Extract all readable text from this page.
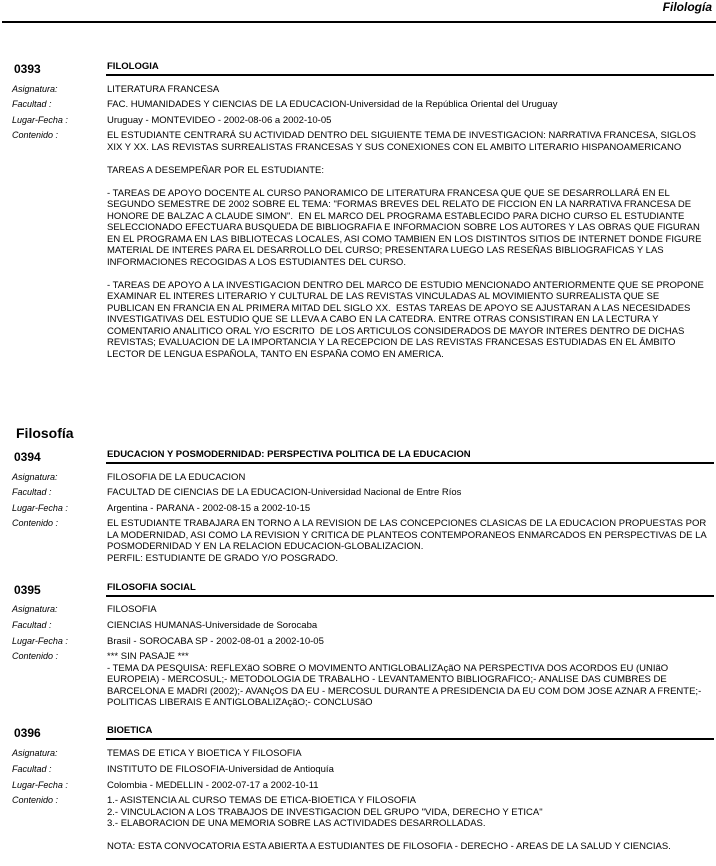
Filología
0393	FILOLOGIA
Asignatura:	LITERATURA FRANCESA
Facultad :	FAC. HUMANIDADES Y CIENCIAS DE LA EDUCACION-Universidad de la República Oriental del Uruguay
Lugar-Fecha :	Uruguay - MONTEVIDEO - 2002-08-06 a 2002-10-05
Contenido :	EL ESTUDIANTE CENTRARÁ SU ACTIVIDAD DENTRO DEL SIGUIENTE TEMA DE INVESTIGACION: NARRATIVA FRANCESA, SIGLOS XIX Y XX. LAS REVISTAS SURREALISTAS FRANCESAS Y SUS CONEXIONES CON EL AMBITO LITERARIO HISPANOAMERICANO

TAREAS A DESEMPEÑAR POR EL ESTUDIANTE:

- TAREAS DE APOYO DOCENTE AL CURSO PANORAMICO DE LITERATURA FRANCESA QUE QUE SE DESARROLLARÁ EN EL SEGUNDO SEMESTRE DE 2002 SOBRE EL TEMA: "FORMAS BREVES DEL RELATO DE FICCION EN LA NARRATIVA FRANCESA DE HONORE DE BALZAC A CLAUDE SIMON".  EN EL MARCO DEL PROGRAMA ESTABLECIDO PARA DICHO CURSO EL ESTUDIANTE SELECCIONADO EFECTUARA BUSQUEDA DE BIBLIOGRAFIA E INFORMACION SOBRE LOS AUTORES Y LAS OBRAS QUE FIGURAN EN EL PROGRAMA EN LAS BIBLIOTECAS LOCALES, ASI COMO TAMBIEN EN LOS DISTINTOS SITIOS DE INTERNET DONDE FIGURE MATERIAL DE INTERES PARA EL DESARROLLO DEL CURSO; PRESENTARA LUEGO LAS RESEÑAS BIBLIOGRAFICAS Y LAS INFORMACIONES RECOGIDAS A LOS ESTUDIANTES DEL CURSO.

- TAREAS DE APOYO A LA INVESTIGACION DENTRO DEL MARCO DE ESTUDIO MENCIONADO ANTERIORMENTE QUE SE PROPONE EXAMINAR EL INTERES LITERARIO Y CULTURAL DE LAS REVISTAS VINCULADAS AL MOVIMIENTO SURREALISTA QUE SE PUBLICAN EN FRANCIA EN AL PRIMERA MITAD DEL SIGLO XX.  ESTAS TAREAS DE APOYO SE AJUSTARAN A LAS NECESIDADES INVESTIGATIVAS DEL ESTUDIO QUE SE LLEVA A CABO EN LA CATEDRA. ENTRE OTRAS CONSISTIRAN EN LA LECTURA Y COMENTARIO ANALITICO ORAL Y/O ESCRITO  DE LOS ARTICULOS CONSIDERADOS DE MAYOR INTERES DENTRO DE DICHAS REVISTAS; EVALUACION DE LA IMPORTANCIA Y LA RECEPCION DE LAS REVISTAS FRANCESAS ESTUDIADAS EN EL ÁMBITO LECTOR DE LENGUA ESPAÑOLA, TANTO EN ESPAÑA COMO EN AMERICA.

Filosofía
0394	EDUCACION Y POSMODERNIDAD: PERSPECTIVA POLITICA DE LA EDUCACION
Asignatura:	FILOSOFIA DE LA EDUCACION
Facultad :	FACULTAD DE CIENCIAS DE LA EDUCACION-Universidad Nacional de Entre Ríos
Lugar-Fecha :	Argentina - PARANA - 2002-08-15 a 2002-10-15
Contenido :	EL ESTUDIANTE TRABAJARA EN TORNO A LA REVISION DE LAS CONCEPCIONES CLASICAS DE LA EDUCACION PROPUESTAS POR LA MODERNIDAD, ASI COMO LA REVISION Y CRITICA DE PLANTEOS CONTEMPORANEOS ENMARCADOS EN PERSPECTIVAS DE LA POSMODERNIDAD Y EN LA RELACION EDUCACION-GLOBALIZACION.
PERFIL: ESTUDIANTE DE GRADO Y/O POSGRADO.

0395	FILOSOFIA SOCIAL
Asignatura:	FILOSOFIA
Facultad :	CIENCIAS HUMANAS-Universidade de Sorocaba
Lugar-Fecha :	Brasil - SOROCABA SP - 2002-08-01 a 2002-10-05
Contenido :	*** SIN PASAJE ***
- TEMA DA PESQUISA: REFLEXãO SOBRE O MOVIMENTO ANTIGLOBALIZAçãO NA PERSPECTIVA DOS ACORDOS EU (UNIãO EUROPEIA) - MERCOSUL;- METODOLOGIA DE TRABALHO - LEVANTAMENTO BIBLIOGRAFICO;- ANALISE DAS CUMBRES DE BARCELONA E MADRI (2002);- AVANçOS DA EU - MERCOSUL DURANTE A PRESIDENCIA DA EU COM DOM JOSE AZNAR A FRENTE;- POLITICAS LIBERAIS E ANTIGLOBALIZAçãO;- CONCLUSãO

0396	BIOETICA
Asignatura:	TEMAS DE ETICA Y BIOETICA Y FILOSOFIA
Facultad :	INSTITUTO DE FILOSOFIA-Universidad de Antioquía
Lugar-Fecha :	Colombia - MEDELLIN - 2002-07-17 a 2002-10-11
Contenido :	1.- ASISTENCIA AL CURSO TEMAS DE ETICA-BIOETICA Y FILOSOFIA
2.- VINCULACION A LOS TRABAJOS DE INVESTIGACION DEL GRUPO "VIDA, DERECHO Y ETICA"
3.- ELABORACION DE UNA MEMORIA SOBRE LAS ACTIVIDADES DESARROLLADAS.

NOTA: ESTA CONVOCATORIA ESTA ABIERTA A ESTUDIANTES DE FILOSOFIA - DERECHO - AREAS DE LA SALUD Y CIENCIAS.
